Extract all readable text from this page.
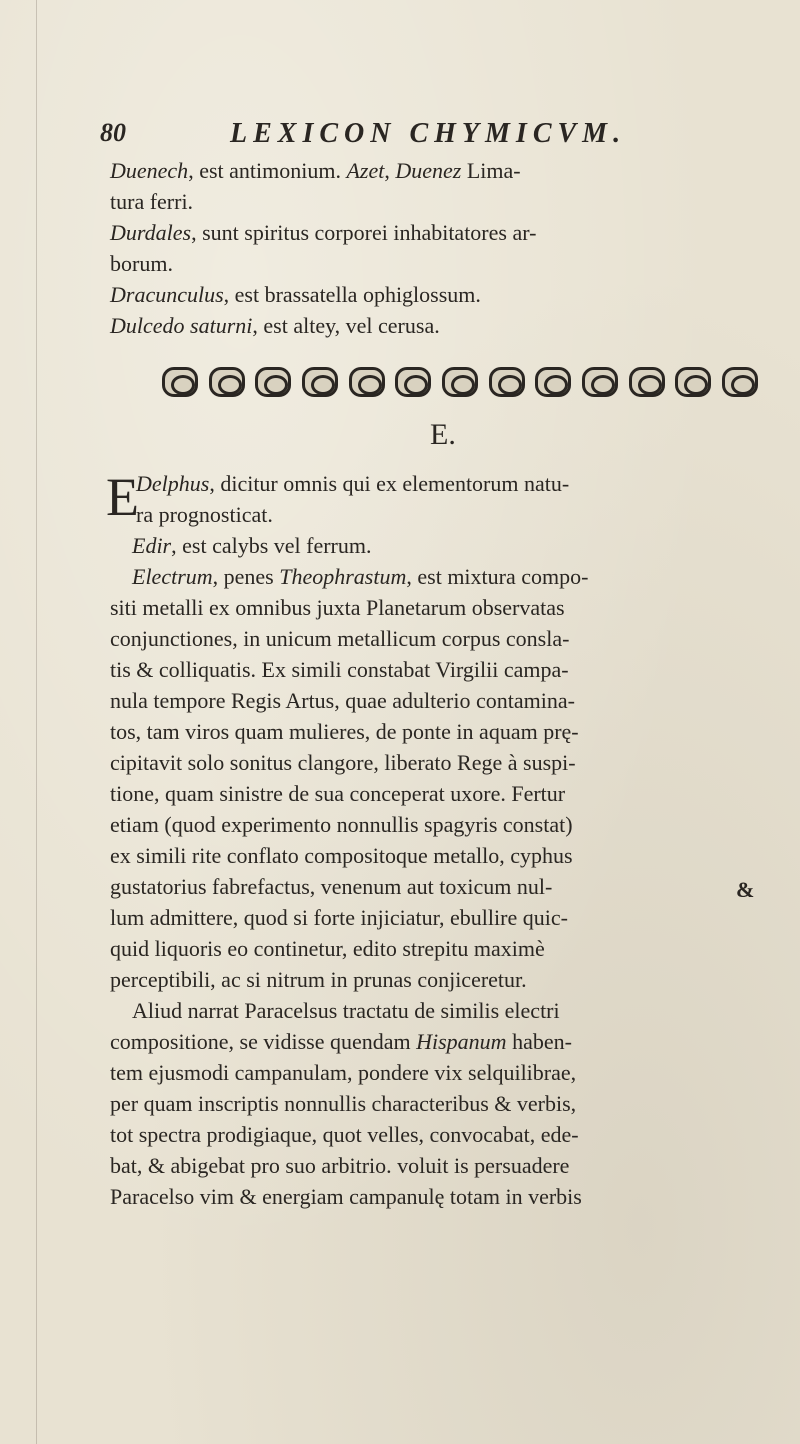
80	LEXICON CHYMICVM.
Duenech, est antimonium. Azet, Duenez Lima-
tura ferri.
Durdales, sunt spiritus corporei inhabitatores ar-
borum.
Dracunculus, est brassatella ophiglossum.
Dulcedo saturni, est altey, vel cerusa.
E.
E
Delphus, dicitur omnis qui ex elementorum natu-
ra prognosticat.
Edir, est calybs vel ferrum.
Electrum, penes Theophrastum, est mixtura compo-
siti metalli ex omnibus juxta Planetarum observatas
conjunctiones, in unicum metallicum corpus consla-
tis & colliquatis. Ex simili constabat Virgilii campa-
nula tempore Regis Artus, quae adulterio contamina-
tos, tam viros quam mulieres, de ponte in aquam prę-
cipitavit solo sonitus clangore, liberato Rege à suspi-
tione, quam sinistre de sua conceperat uxore. Fertur
etiam (quod experimento nonnullis spagyris constat)
ex simili rite conflato compositoque metallo, cyphus
gustatorius fabrefactus, venenum aut toxicum nul-
lum admittere, quod si forte injiciatur, ebullire quic-
quid liquoris eo continetur, edito strepitu maximè
perceptibili, ac si nitrum in prunas conjiceretur.
Aliud narrat Paracelsus tractatu de similis electri
compositione, se vidisse quendam Hispanum haben-
tem ejusmodi campanulam, pondere vix selquilibrae,
per quam inscriptis nonnullis characteribus & verbis,
tot spectra prodigiaque, quot velles, convocabat, ede-
bat, & abigebat pro suo arbitrio. voluit is persuadere
Paracelso vim & energiam campanulę totam in verbis
&
